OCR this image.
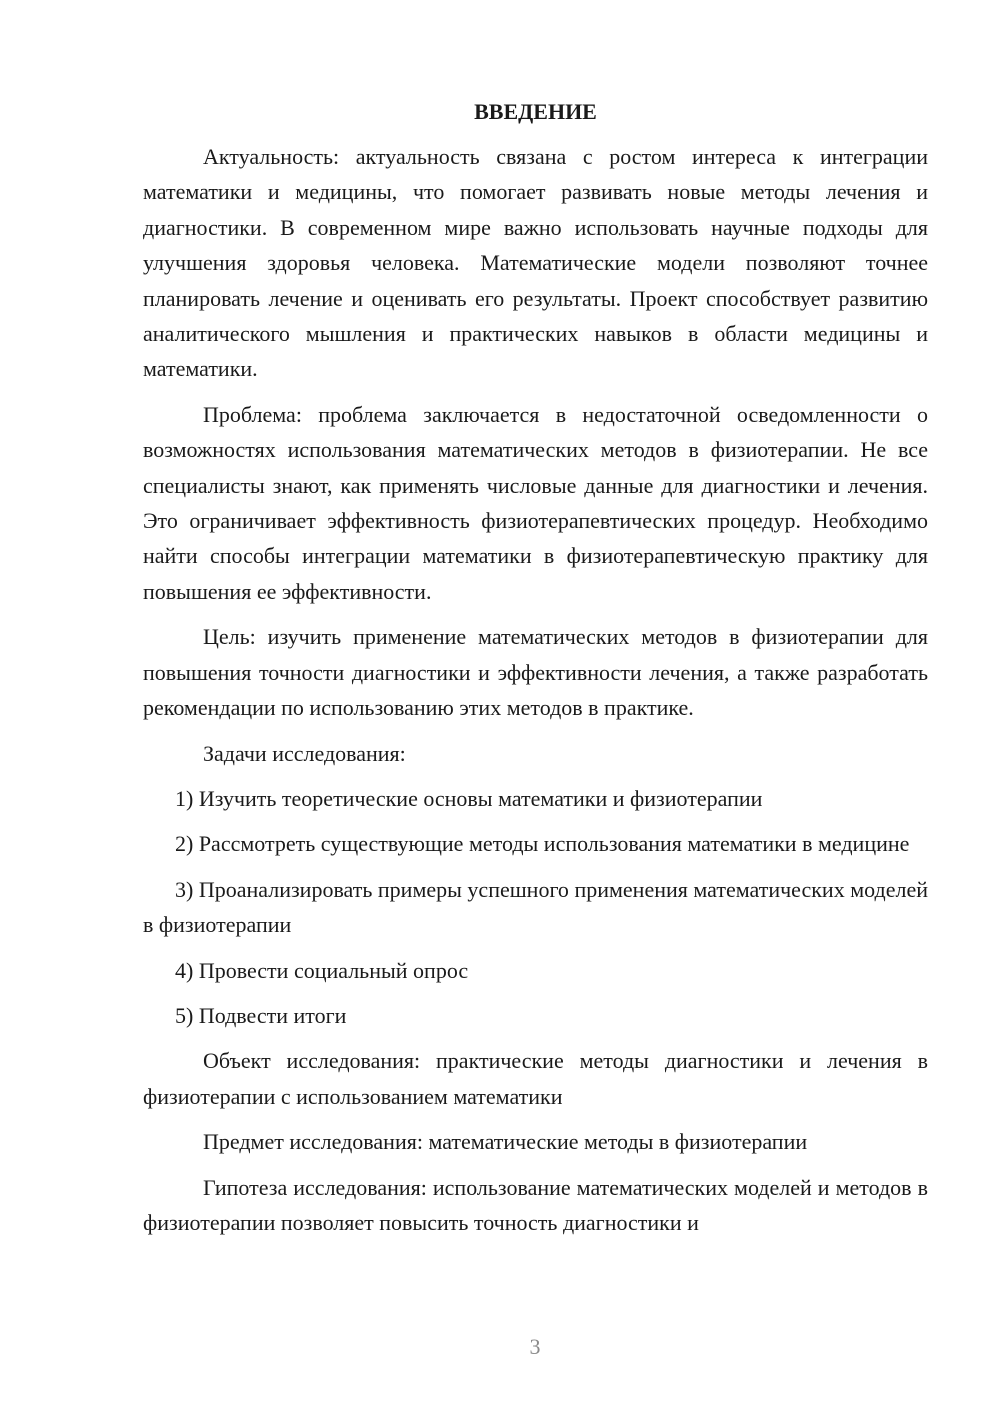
ВВЕДЕНИЕ

Актуальность: актуальность связана с ростом интереса к интеграции математики и медицины, что помогает развивать новые методы лечения и диагностики. В современном мире важно использовать научные подходы для улучшения здоровья человека. Математические модели позволяют точнее планировать лечение и оценивать его результаты. Проект способствует развитию аналитического мышления и практических навыков в области медицины и математики.

Проблема: проблема заключается в недостаточной осведомленности о возможностях использования математических методов в физиотерапии. Не все специалисты знают, как применять числовые данные для диагностики и лечения. Это ограничивает эффективность физиотерапевтических процедур. Необходимо найти способы интеграции математики в физиотерапевтическую практику для повышения ее эффективности.

Цель: изучить применение математических методов в физиотерапии для повышения точности диагностики и эффективности лечения, а также разработать рекомендации по использованию этих методов в практике.

Задачи исследования:

1) Изучить теоретические основы математики и физиотерапии

2) Рассмотреть существующие методы использования математики в медицине

3) Проанализировать примеры успешного применения математических моделей в физиотерапии

4) Провести социальный опрос

5) Подвести итоги

Объект исследования: практические методы диагностики и лечения в физиотерапии с использованием математики

Предмет исследования: математические методы в физиотерапии

Гипотеза исследования: использование математических моделей и методов в физиотерапии позволяет повысить точность диагностики и

3
